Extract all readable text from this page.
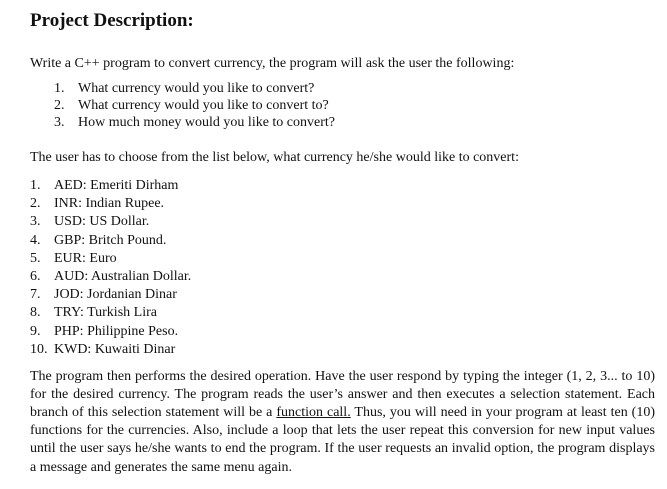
Project Description:

Write a C++ program to convert currency, the program will ask the user the following:

1. What currency would you like to convert?
2. What currency would you like to convert to?
3. How much money would you like to convert?

The user has to choose from the list below, what currency he/she would like to convert:

1. AED: Emeriti Dirham
2. INR: Indian Rupee.
3. USD: US Dollar.
4. GBP: Britch Pound.
5. EUR: Euro
6. AUD: Australian Dollar.
7. JOD: Jordanian Dinar
8. TRY: Turkish Lira
9. PHP: Philippine Peso.
10. KWD: Kuwaiti Dinar

The program then performs the desired operation. Have the user respond by typing the integer (1, 2, 3... to 10) for the desired currency. The program reads the user’s answer and then executes a selection statement. Each branch of this selection statement will be a function call. Thus, you will need in your program at least ten (10) functions for the currencies. Also, include a loop that lets the user repeat this conversion for new input values until the user says he/she wants to end the program. If the user requests an invalid option, the program displays a message and generates the same menu again.
